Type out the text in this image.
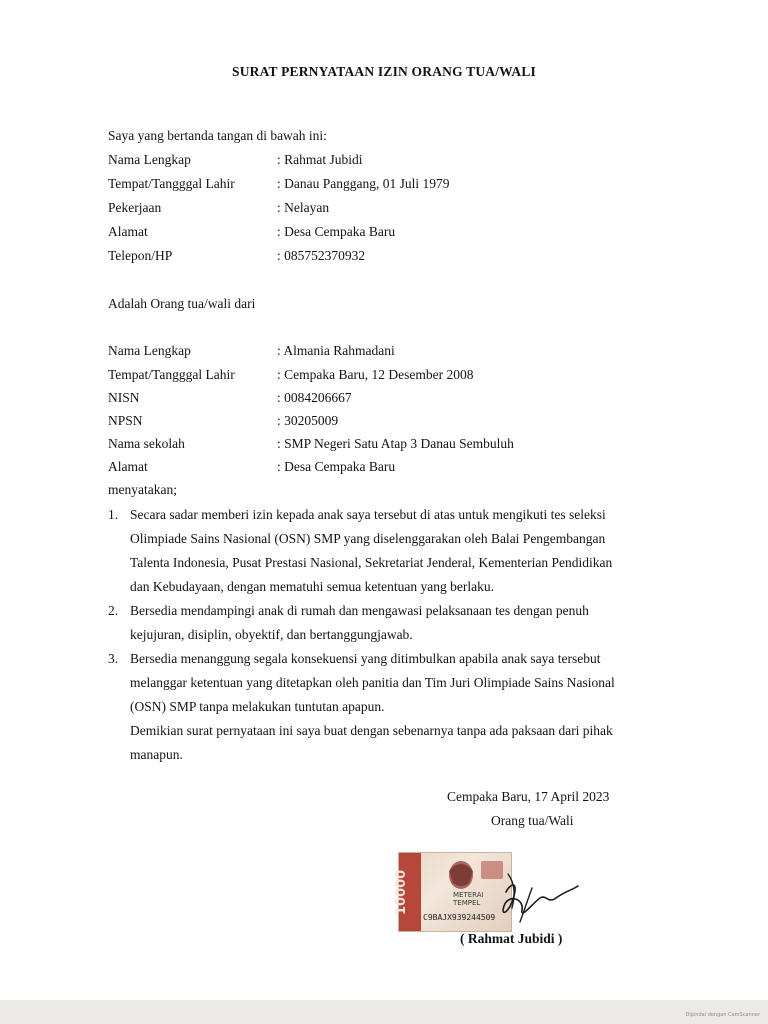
SURAT PERNYATAAN IZIN ORANG TUA/WALI
Saya yang bertanda tangan di bawah ini:
Nama Lengkap	: Rahmat Jubidi
Tempat/Tangggal Lahir	: Danau Panggang, 01 Juli 1979
Pekerjaan	: Nelayan
Alamat	: Desa Cempaka Baru
Telepon/HP	: 085752370932
Adalah Orang tua/wali dari
Nama Lengkap	: Almania Rahmadani
Tempat/Tangggal Lahir	: Cempaka Baru, 12 Desember 2008
NISN	: 0084206667
NPSN	: 30205009
Nama sekolah	: SMP Negeri Satu Atap 3 Danau Sembuluh
Alamat	: Desa Cempaka Baru
menyatakan;
1. Secara sadar memberi izin kepada anak saya tersebut di atas untuk mengikuti tes seleksi
Olimpiade Sains Nasional (OSN) SMP yang diselenggarakan oleh Balai Pengembangan
Talenta Indonesia, Pusat Prestasi Nasional, Sekretariat Jenderal, Kementerian Pendidikan
dan Kebudayaan, dengan mematuhi semua ketentuan yang berlaku.
2. Bersedia mendampingi anak di rumah dan mengawasi pelaksanaan tes dengan penuh
kejujuran, disiplin, obyektif, dan bertanggungjawab.
3. Bersedia menanggung segala konsekuensi yang ditimbulkan apabila anak saya tersebut
melanggar ketentuan yang ditetapkan oleh panitia dan Tim Juri Olimpiade Sains Nasional
(OSN) SMP tanpa melakukan tuntutan apapun.
Demikian surat pernyataan ini saya buat dengan sebenarnya tanpa ada paksaan dari pihak
manapun.
Cempaka Baru, 17 April 2023
Orang tua/Wali
10000	METERAI
TEMPEL
C9BAJX939244509
( Rahmat Jubidi )
Dipindai dengan CamScanner
